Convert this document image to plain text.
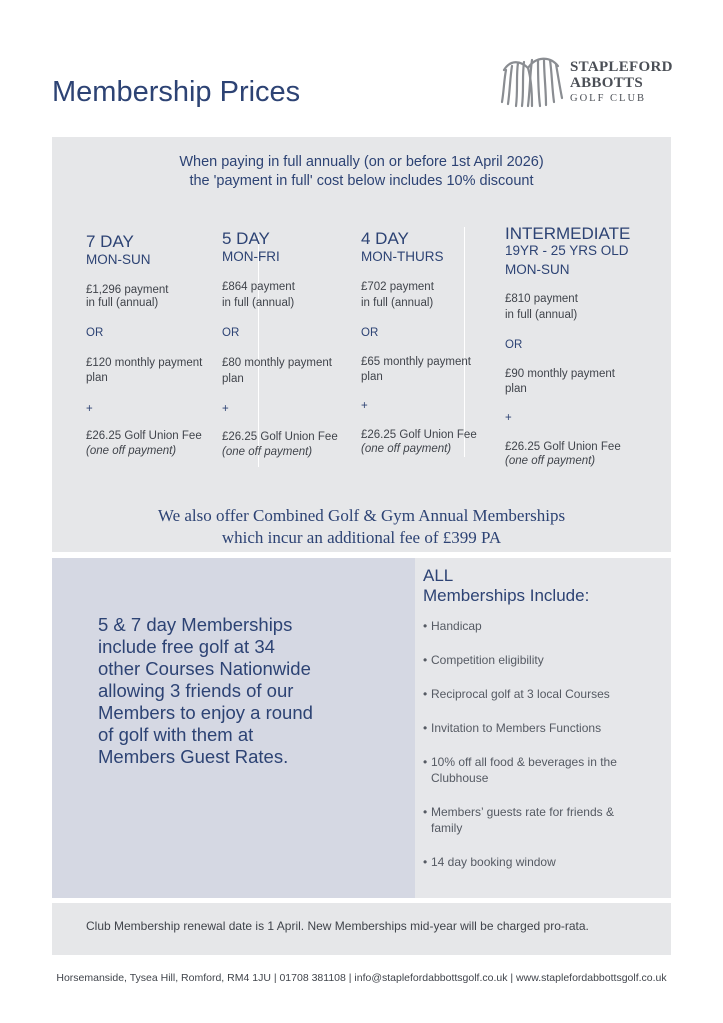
Membership Prices
STAPLEFORD
ABBOTTS
GOLF CLUB
When paying in full annually (on or before 1st April 2026)
the 'payment in full' cost below includes 10% discount
7 DAY
MON-SUN
£1,296 payment
in full (annual)
OR
£120 monthly payment
plan
+
£26.25 Golf Union Fee
(one off payment)
5 DAY
MON-FRI
£864 payment
in full (annual)
OR
£80 monthly payment
plan
+
£26.25 Golf Union Fee
(one off payment)
4 DAY
MON-THURS
£702 payment
in full (annual)
OR
£65 monthly payment
plan
+
£26.25 Golf Union Fee
(one off payment)
INTERMEDIATE
19YR - 25 YRS OLD
MON-SUN
£810 payment
in full (annual)
OR
£90 monthly payment
plan
+
£26.25 Golf Union Fee
(one off payment)
We also offer Combined Golf & Gym Annual Memberships
which incur an additional fee of £399 PA
5 & 7 day Memberships include free golf at 34 other Courses Nationwide allowing 3 friends of our Members to enjoy a round of golf with them at Members Guest Rates.
ALL
Memberships Include:
• Handicap
• Competition eligibility
• Reciprocal golf at 3 local Courses
• Invitation to Members Functions
• 10% off all food & beverages in the Clubhouse
• Members’ guests rate for friends & family
• 14 day booking window
Club Membership renewal date is 1 April. New Memberships mid-year will be charged pro-rata.
Horsemanside, Tysea Hill, Romford, RM4 1JU | 01708 381108 | info@staplefordabbottsgolf.co.uk | www.staplefordabbottsgolf.co.uk
